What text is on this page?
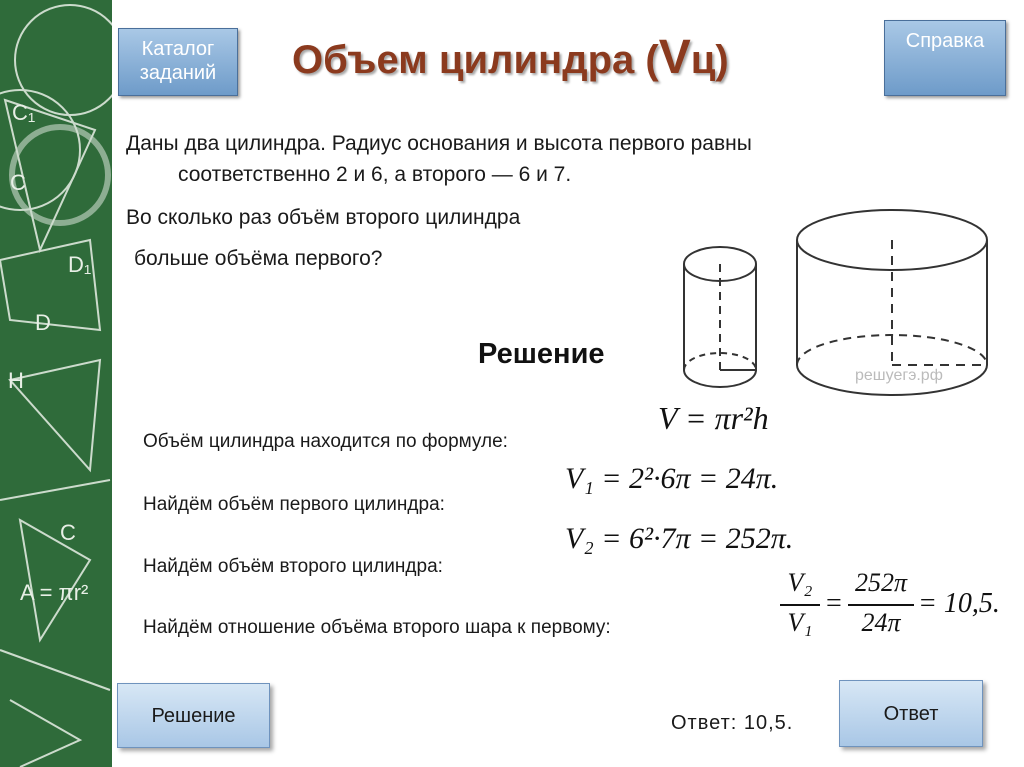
C₁
C
D₁
D
H
C
A = πr²
Каталог заданий
Справка
Объем цилиндра (Vц)
Даны два цилиндра. Радиус основания и высота первого равны
соответственно 2 и 6, а второго — 6 и 7.
Во сколько раз объём второго цилиндра
больше объёма первого?
решуегэ.рф
Решение
Объём цилиндра находится по формуле:
Найдём объём первого цилиндра:
Найдём объём второго цилиндра:
Найдём отношение объёма второго шара к первому:
V = πr²h
V₁ = 2²·6π = 24π.
V₂ = 6²·7π = 252π.
V₂
V₁
=
252π
24π
= 10,5.
Ответ: 10,5.
Решение	Ответ
